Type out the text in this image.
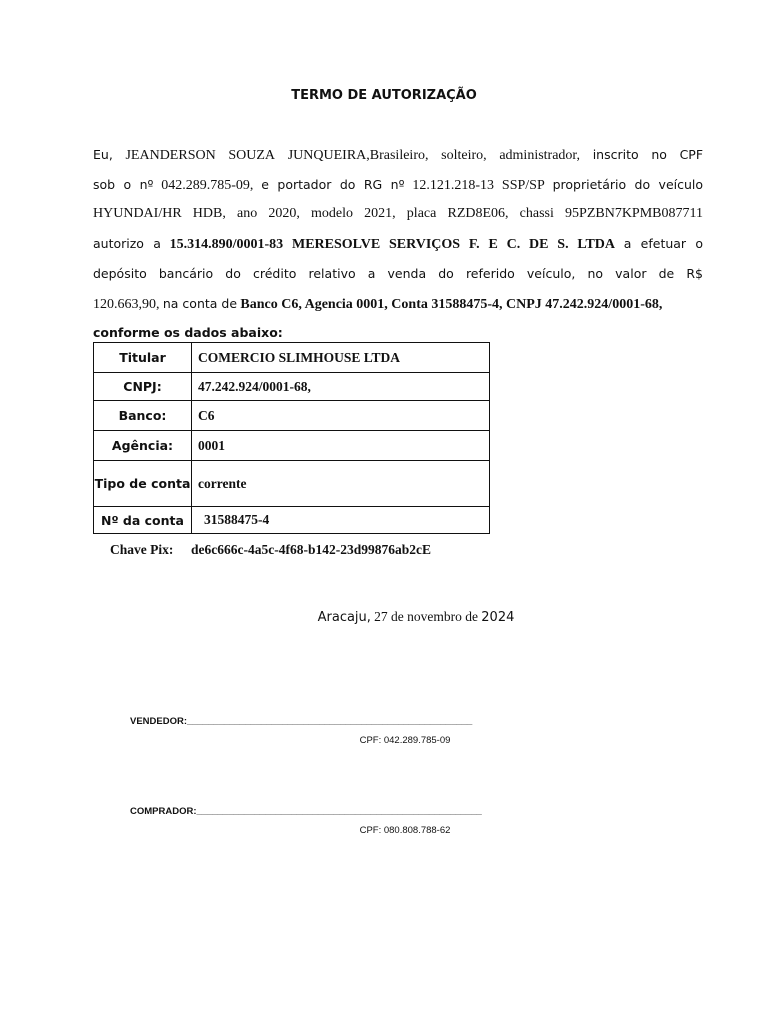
TERMO DE AUTORIZAÇÃO
Eu, JEANDERSON SOUZA JUNQUEIRA,Brasileiro, solteiro, administrador, inscrito no CPF
sob o nº 042.289.785-09, e portador do RG nº 12.121.218-13 SSP/SP proprietário do veículo
HYUNDAI/HR HDB, ano 2020, modelo 2021, placa RZD8E06, chassi 95PZBN7KPMB087711
autorizo a 15.314.890/0001-83 MERESOLVE SERVIÇOS F. E C. DE S. LTDA a efetuar o
depósito bancário do crédito relativo a venda do referido veículo, no valor de R$
120.663,90, na conta de Banco C6, Agencia 0001, Conta 31588475-4, CNPJ 47.242.924/0001-68,
conforme os dados abaixo:
Titular	COMERCIO SLIMHOUSE LTDA
CNPJ:	47.242.924/0001-68,
Banco:	C6
Agência:	0001
Tipo de conta	corrente
Nº da conta	31588475-4
Chave Pix: de6c666c-4a5c-4f68-b142-23d99876ab2cE
Aracaju, 27 de novembro de 2024
VENDEDOR:______________________________________________________
CPF: 042.289.785-09
COMPRADOR:______________________________________________________
CPF: 080.808.788-62
